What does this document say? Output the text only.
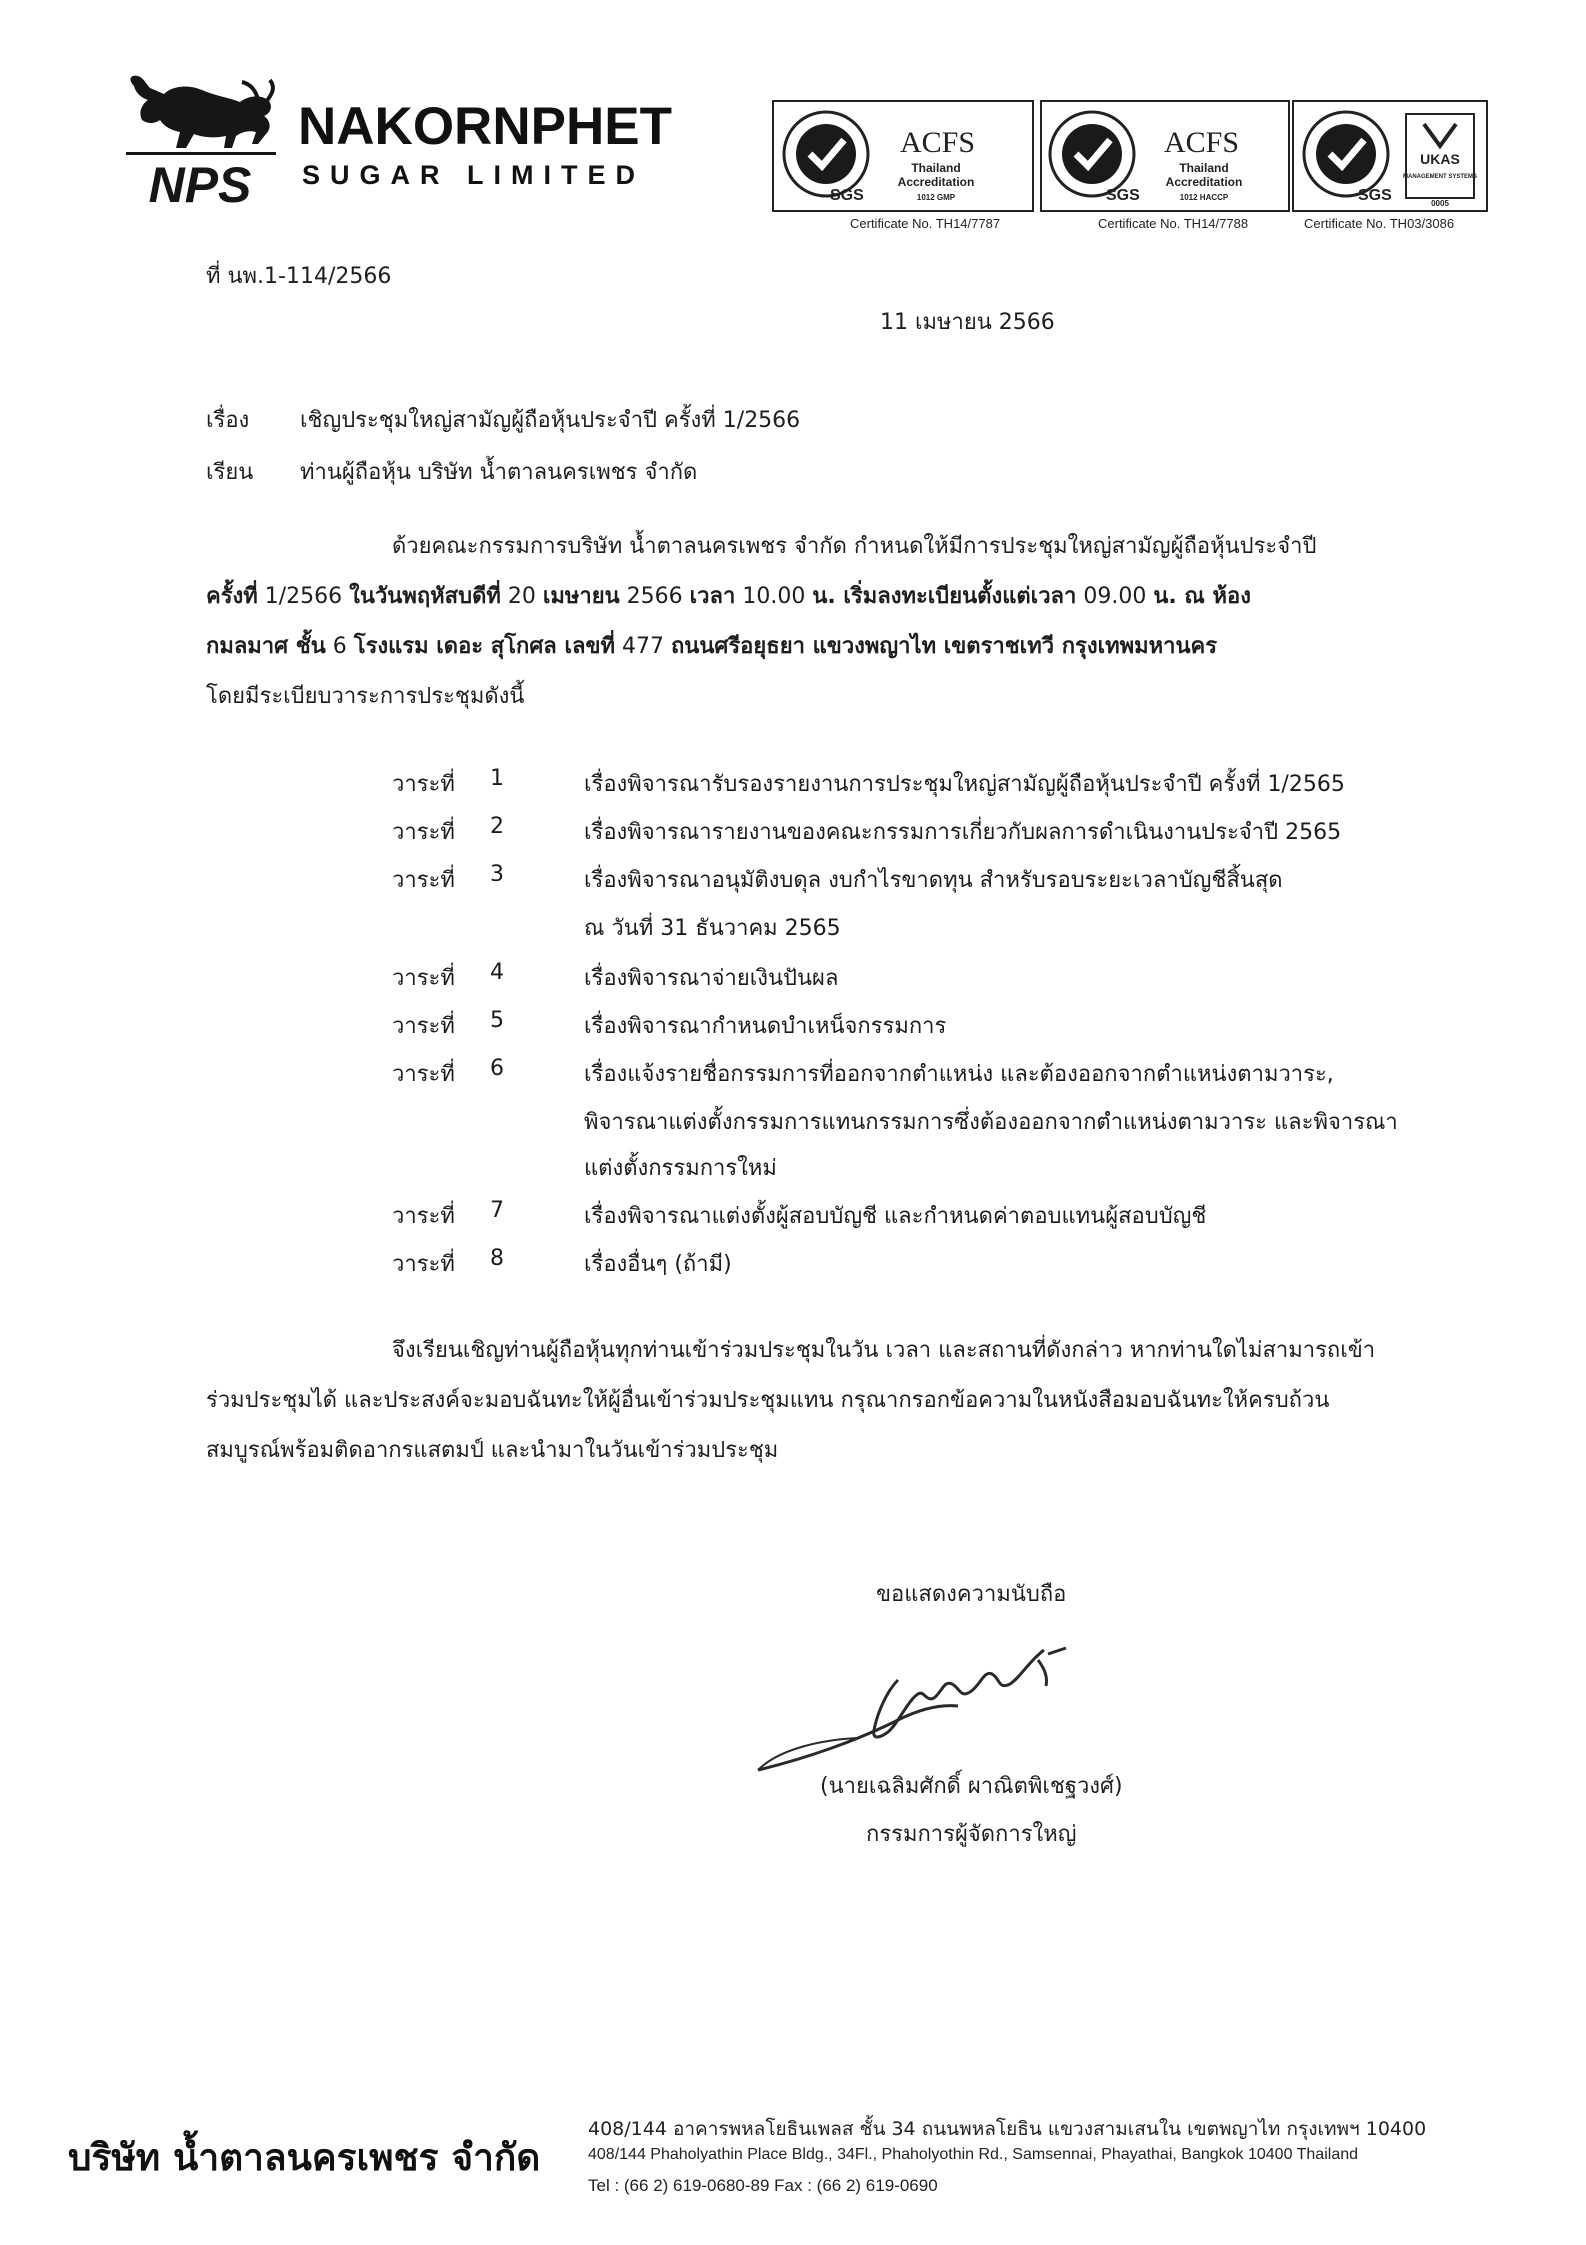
NPS
NAKORNPHET
SUGAR LIMITED
SGS
ACFS
Thailand
Accreditation
1012 GMP
Certificate No. TH14/7787
SGS
ACFS
Thailand
Accreditation
1012 HACCP
Certificate No. TH14/7788
SGS
UKAS
MANAGEMENT SYSTEMS
0005
Certificate No. TH03/3086
ที่ นพ.1-114/2566
11 เมษายน 2566
เรื่อง เชิญประชุมใหญ่สามัญผู้ถือหุ้นประจำปี ครั้งที่ 1/2566
เรียน ท่านผู้ถือหุ้น บริษัท น้ำตาลนครเพชร จำกัด
ด้วยคณะกรรมการบริษัท น้ำตาลนครเพชร จำกัด กำหนดให้มีการประชุมใหญ่สามัญผู้ถือหุ้นประจำปี
ครั้งที่ 1/2566 ในวันพฤหัสบดีที่ 20 เมษายน 2566 เวลา 10.00 น. เริ่มลงทะเบียนตั้งแต่เวลา 09.00 น. ณ ห้อง
กมลมาศ ชั้น 6 โรงแรม เดอะ สุโกศล เลขที่ 477 ถนนศรีอยุธยา แขวงพญาไท เขตราชเทวี กรุงเทพมหานคร
โดยมีระเบียบวาระการประชุมดังนี้
วาระที่ 1	เรื่องพิจารณารับรองรายงานการประชุมใหญ่สามัญผู้ถือหุ้นประจำปี ครั้งที่ 1/2565
วาระที่ 2	เรื่องพิจารณารายงานของคณะกรรมการเกี่ยวกับผลการดำเนินงานประจำปี 2565
วาระที่ 3	เรื่องพิจารณาอนุมัติงบดุล งบกำไรขาดทุน สำหรับรอบระยะเวลาบัญชีสิ้นสุด
ณ วันที่ 31 ธันวาคม 2565
วาระที่ 4	เรื่องพิจารณาจ่ายเงินปันผล
วาระที่ 5	เรื่องพิจารณากำหนดบำเหน็จกรรมการ
วาระที่ 6	เรื่องแจ้งรายชื่อกรรมการที่ออกจากตำแหน่ง และต้องออกจากตำแหน่งตามวาระ,
พิจารณาแต่งตั้งกรรมการแทนกรรมการซึ่งต้องออกจากตำแหน่งตามวาระ และพิจารณา
แต่งตั้งกรรมการใหม่
วาระที่ 7	เรื่องพิจารณาแต่งตั้งผู้สอบบัญชี และกำหนดค่าตอบแทนผู้สอบบัญชี
วาระที่ 8	เรื่องอื่นๆ (ถ้ามี)
จึงเรียนเชิญท่านผู้ถือหุ้นทุกท่านเข้าร่วมประชุมในวัน เวลา และสถานที่ดังกล่าว หากท่านใดไม่สามารถเข้า
ร่วมประชุมได้ และประสงค์จะมอบฉันทะให้ผู้อื่นเข้าร่วมประชุมแทน กรุณากรอกข้อความในหนังสือมอบฉันทะให้ครบถ้วน
สมบูรณ์พร้อมติดอากรแสตมป์ และนำมาในวันเข้าร่วมประชุม
ขอแสดงความนับถือ
(นายเฉลิมศักดิ์ ผาณิตพิเชฐวงศ์)
กรรมการผู้จัดการใหญ่
บริษัท น้ำตาลนครเพชร จำกัด
408/144 อาคารพหลโยธินเพลส ชั้น 34 ถนนพหลโยธิน แขวงสามเสนใน เขตพญาไท กรุงเทพฯ 10400
408/144 Phaholyathin Place Bldg., 34Fl., Phaholyothin Rd., Samsennai, Phayathai, Bangkok 10400 Thailand
Tel : (66 2) 619-0680-89 Fax : (66 2) 619-0690
